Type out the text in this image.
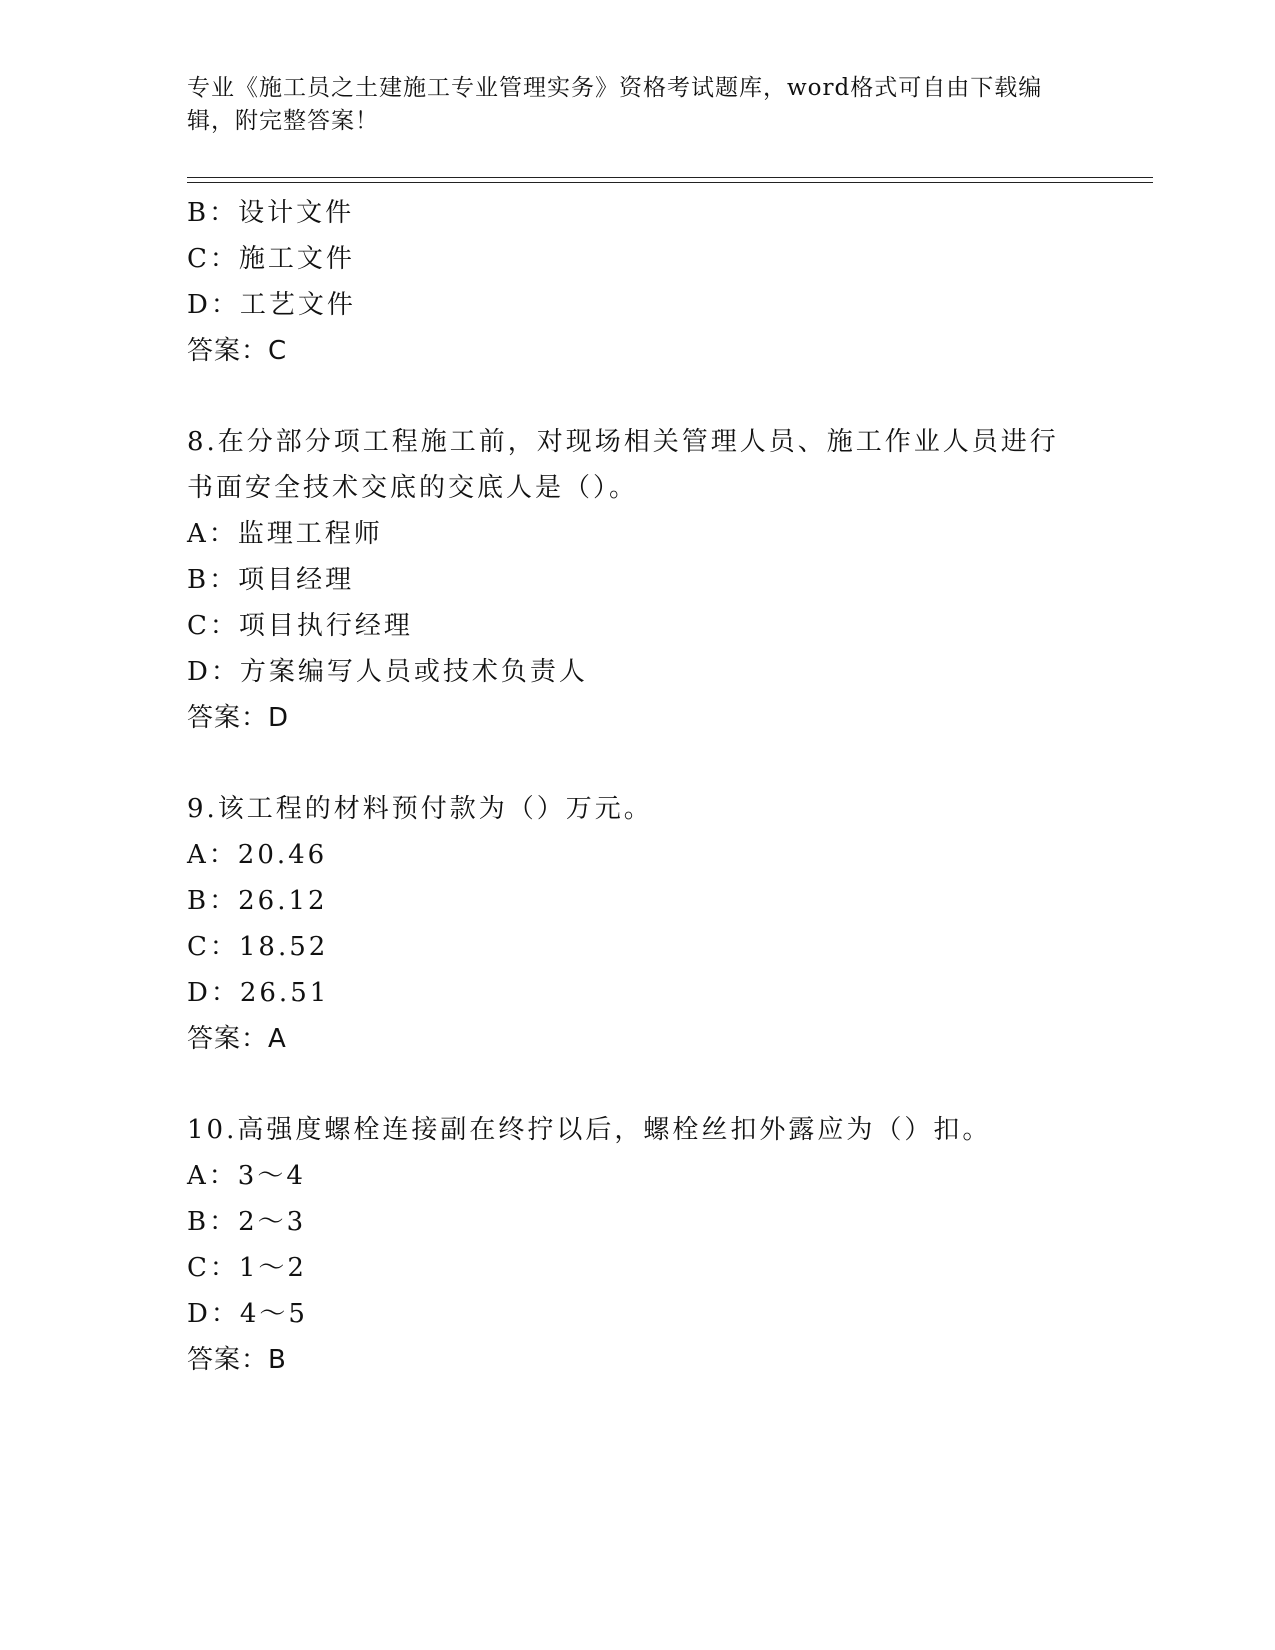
专业《施工员之土建施工专业管理实务》资格考试题库，word格式可自由下载编
辑，附完整答案！
B：设计文件
C：施工文件
D：工艺文件
答案：C
8.在分部分项工程施工前，对现场相关管理人员、施工作业人员进行
书面安全技术交底的交底人是（）。
A：监理工程师
B：项目经理
C：项目执行经理
D：方案编写人员或技术负责人
答案：D
9.该工程的材料预付款为（）万元。
A：20.46
B：26.12
C：18.52
D：26.51
答案：A
10.高强度螺栓连接副在终拧以后，螺栓丝扣外露应为（）扣。
A：3～4
B：2～3
C：1～2
D：4～5
答案：B
